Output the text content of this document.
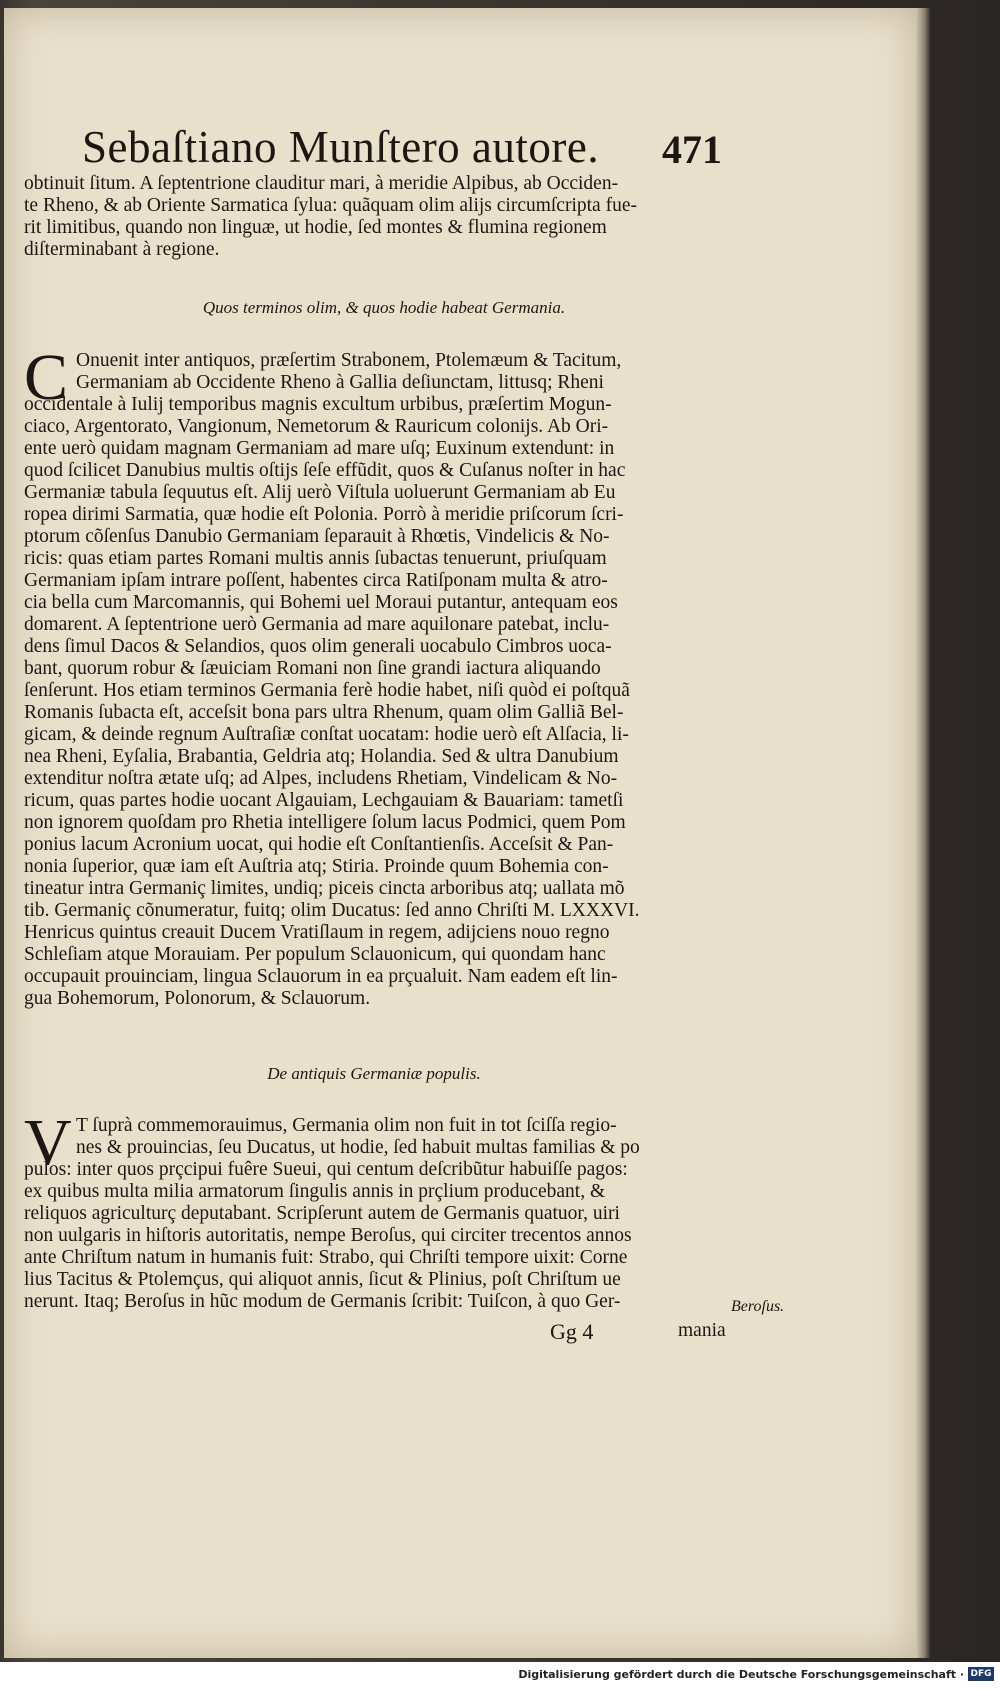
Sebaſtiano Munſtero autore. 471
obtinuit ſitum. A ſeptentrione clauditur mari, à meridie Alpibus, ab Occiden-
te Rheno, & ab Oriente Sarmatica ſylua: quãquam olim alijs circumſcripta fue-
rit limitibus, quando non linguæ, ut hodie, ſed montes & flumina regionem
diſterminabant à regione.
Quos terminos olim, & quos hodie habeat Germania.
C Onuenit inter antiquos, præſertim Strabonem, Ptolemæum & Tacitum,
Germaniam ab Occidente Rheno à Gallia deſiunctam, littusq; Rheni
occidentale à Iulij temporibus magnis excultum urbibus, præſertim Mogun-
ciaco, Argentorato, Vangionum, Nemetorum & Rauricum colonijs. Ab Ori-
ente uerò quidam magnam Germaniam ad mare uſq; Euxinum extendunt: in
quod ſcilicet Danubius multis oſtijs ſeſe effũdit, quos & Cuſanus noſter in hac
Germaniæ tabula ſequutus eſt. Alij uerò Viſtula uoluerunt Germaniam ab Eu
ropea dirimi Sarmatia, quæ hodie eſt Polonia. Porrò à meridie priſcorum ſcri-
ptorum cõſenſus Danubio Germaniam ſeparauit à Rhœtis, Vindelicis & No-
ricis: quas etiam partes Romani multis annis ſubactas tenuerunt, priuſquam
Germaniam ipſam intrare poſſent, habentes circa Ratiſponam multa & atro-
cia bella cum Marcomannis, qui Bohemi uel Moraui putantur, antequam eos
domarent. A ſeptentrione uerò Germania ad mare aquilonare patebat, inclu-
dens ſimul Dacos & Selandios, quos olim generali uocabulo Cimbros uoca-
bant, quorum robur & ſæuiciam Romani non ſine grandi iactura aliquando
ſenſerunt. Hos etiam terminos Germania ferè hodie habet, niſi quòd ei poſtquã
Romanis ſubacta eſt, acceſsit bona pars ultra Rhenum, quam olim Galliã Bel-
gicam, & deinde regnum Auſtraſiæ conſtat uocatam: hodie uerò eſt Alſacia, li-
nea Rheni, Eyſalia, Brabantia, Geldria atq; Holandia. Sed & ultra Danubium
extenditur noſtra ætate uſq; ad Alpes, includens Rhetiam, Vindelicam & No-
ricum, quas partes hodie uocant Algauiam, Lechgauiam & Bauariam: tametſi
non ignorem quoſdam pro Rhetia intelligere ſolum lacus Podmici, quem Pom
ponius lacum Acronium uocat, qui hodie eſt Conſtantienſis. Acceſsit & Pan-
nonia ſuperior, quæ iam eſt Auſtria atq; Stiria. Proinde quum Bohemia con-
tineatur intra Germaniç limites, undiq; piceis cincta arboribus atq; uallata mõ
tib. Germaniç cõnumeratur, fuitq; olim Ducatus: ſed anno Chriſti M. LXXXVI.
Henricus quintus creauit Ducem Vratiſlaum in regem, adijciens nouo regno
Schleſiam atque Morauiam. Per populum Sclauonicum, qui quondam hanc
occupauit prouinciam, lingua Sclauorum in ea prçualuit. Nam eadem eſt lin-
gua Bohemorum, Polonorum, & Sclauorum.
De antiquis Germaniæ populis.
V T ſuprà commemorauimus, Germania olim non fuit in tot ſciſſa regio-
nes & prouincias, ſeu Ducatus, ut hodie, ſed habuit multas familias & po
pulos: inter quos prçcipui fuêre Sueui, qui centum deſcribũtur habuiſſe pagos:
ex quibus multa milia armatorum ſingulis annis in prçlium producebant, &
reliquos agriculturç deputabant. Scripſerunt autem de Germanis quatuor, uiri
non uulgaris in hiſtoris autoritatis, nempe Beroſus, qui circiter trecentos annos
ante Chriſtum natum in humanis fuit: Strabo, qui Chriſti tempore uixit: Corne
lius Tacitus & Ptolemçus, qui aliquot annis, ſicut & Plinius, poſt Chriſtum ue
nerunt. Itaq; Beroſus in hũc modum de Germanis ſcribit: Tuiſcon, à quo Ger-	Beroſus.
Gg 4	mania
Digitalisierung gefördert durch die Deutsche Forschungsgemeinschaft · DFG
